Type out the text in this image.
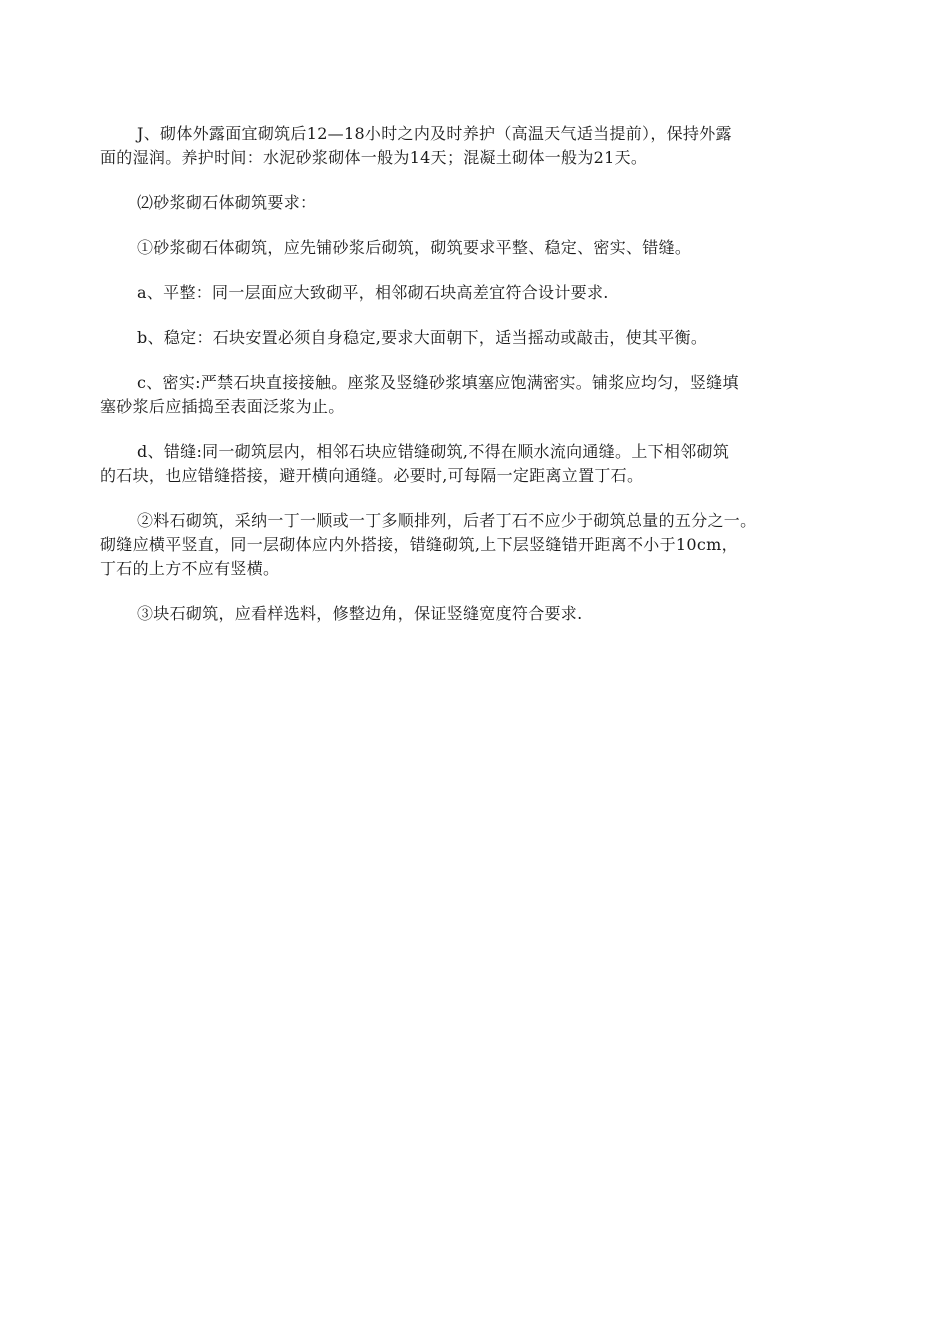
J、砌体外露面宜砌筑后12—18小时之内及时养护（高温天气适当提前），保持外露
面的湿润。养护时间：水泥砂浆砌体一般为14天；混凝土砌体一般为21天。

⑵砂浆砌石体砌筑要求：

①砂浆砌石体砌筑，应先铺砂浆后砌筑，砌筑要求平整、稳定、密实、错缝。

a、平整：同一层面应大致砌平，相邻砌石块高差宜符合设计要求.

b、稳定：石块安置必须自身稳定,要求大面朝下，适当摇动或敲击，使其平衡。

c、密实:严禁石块直接接触。座浆及竖缝砂浆填塞应饱满密实。铺浆应均匀，竖缝填
塞砂浆后应插捣至表面泛浆为止。

d、错缝:同一砌筑层内，相邻石块应错缝砌筑,不得在顺水流向通缝。上下相邻砌筑
的石块，也应错缝搭接，避开横向通缝。必要时,可每隔一定距离立置丁石。

②料石砌筑，采纳一丁一顺或一丁多顺排列，后者丁石不应少于砌筑总量的五分之一。
砌缝应横平竖直，同一层砌体应内外搭接，错缝砌筑,上下层竖缝错开距离不小于10cm，
丁石的上方不应有竖横。

③块石砌筑，应看样选料，修整边角，保证竖缝宽度符合要求.
